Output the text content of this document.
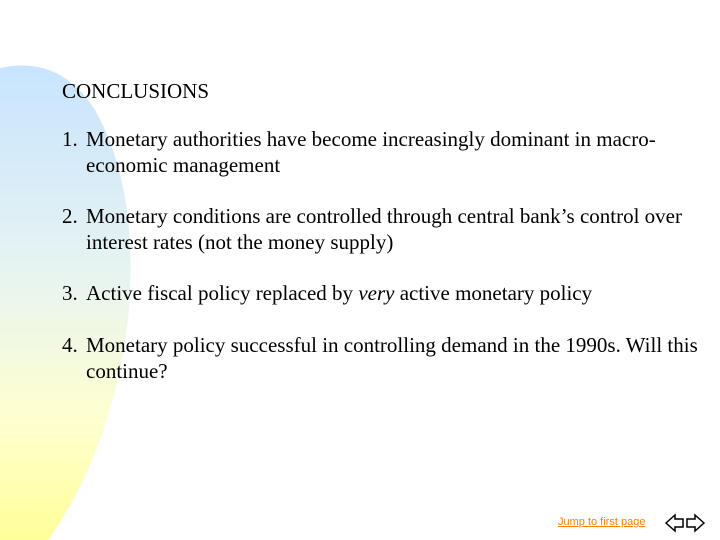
CONCLUSIONS
1. Monetary authorities have become increasingly dominant in macro-economic management
2. Monetary conditions are controlled through central bank’s control over interest rates (not the money supply)
3. Active fiscal policy replaced by very active monetary policy
4. Monetary policy successful in controlling demand in the 1990s. Will this continue?
Jump to first page
